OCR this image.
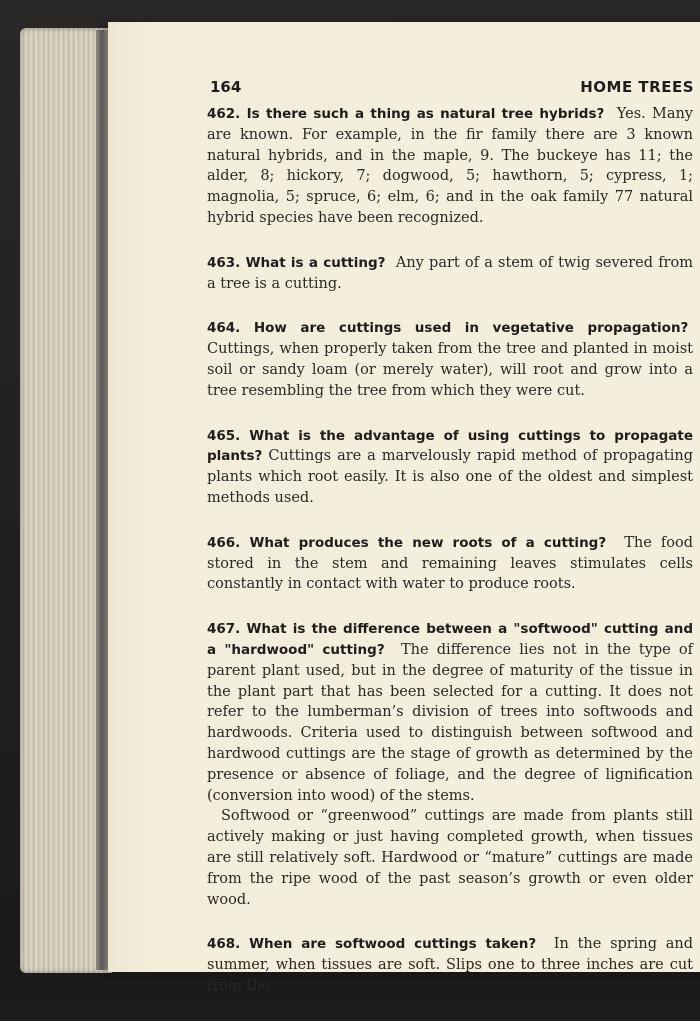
164	HOME TREES

462. Is there such a thing as natural tree hybrids? Yes. Many are known. For example, in the fir family there are 3 known natural hybrids, and in the maple, 9. The buckeye has 11; the alder, 8; hickory, 7; dogwood, 5; hawthorn, 5; cypress, 1; magnolia, 5; spruce, 6; elm, 6; and in the oak family 77 natural hybrid species have been recognized.

463. What is a cutting? Any part of a stem of twig severed from a tree is a cutting.

464. How are cuttings used in vegetative propagation?  Cuttings, when properly taken from the tree and planted in moist soil or sandy loam (or merely water), will root and grow into a tree resembling the tree from which they were cut.

465. What is the advantage of using cuttings to propagate plants? Cuttings are a marvelously rapid method of propagating plants which root easily. It is also one of the oldest and simplest methods used.

466. What produces the new roots of a cutting? The food stored in the stem and remaining leaves stimulates cells constantly in contact with water to produce roots.

467. What is the difference between a "softwood" cutting and a "hardwood" cutting? The difference lies not in the type of parent plant used, but in the degree of maturity of the tissue in the plant part that has been selected for a cutting. It does not refer to the lumberman’s division of trees into softwoods and hardwoods. Criteria used to distinguish between softwood and hardwood cuttings are the stage of growth as determined by the presence or absence of foliage, and the degree of lignification (conversion into wood) of the stems.

Softwood or “greenwood” cuttings are made from plants still actively making or just having completed growth, when tissues are still relatively soft. Hardwood or “mature” cuttings are made from the ripe wood of the past season’s growth or even older wood.

468. When are softwood cuttings taken? In the spring and summer, when tissues are soft. Slips one to three inches are cut from the
